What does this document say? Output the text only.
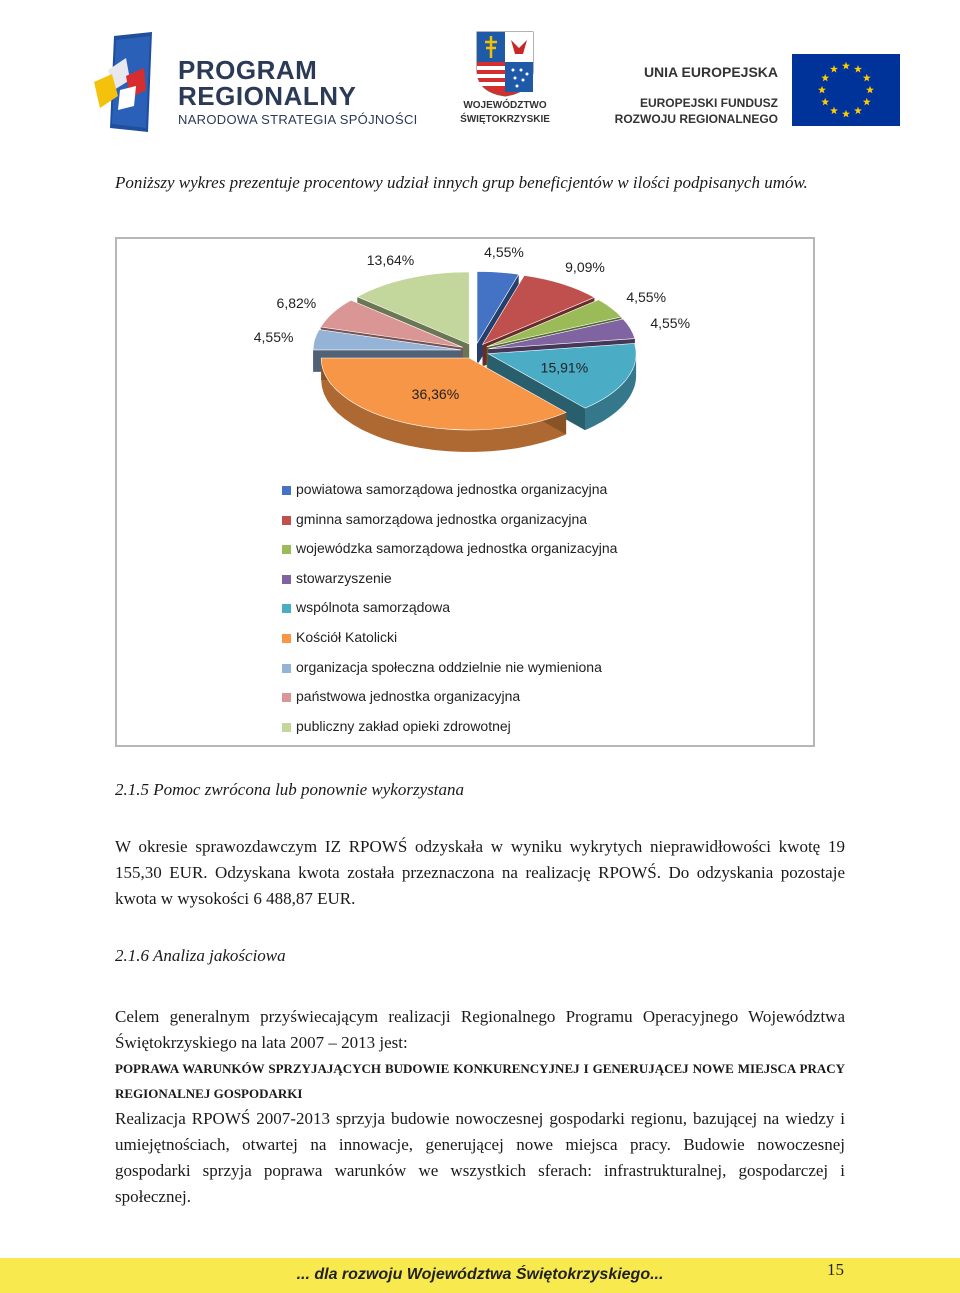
PROGRAM
REGIONALNY
NARODOWA STRATEGIA SPÓJNOŚCI
WOJEWÓDZTWO
ŚWIĘTOKRZYSKIE
UNIA EUROPEJSKA
EUROPEJSKI FUNDUSZ
ROZWOJU REGIONALNEGO
Poniższy wykres prezentuje procentowy udział innych grup beneficjentów w ilości podpisanych umów.
4,55%
9,09%
4,55%
4,55%
15,91%
36,36%
4,55%
6,82%
13,64%
powiatowa samorządowa jednostka organizacyjna
gminna samorządowa jednostka organizacyjna
wojewódzka samorządowa jednostka organizacyjna
stowarzyszenie
wspólnota samorządowa
Kościół Katolicki
organizacja społeczna oddzielnie nie wymieniona
państwowa jednostka organizacyjna
publiczny zakład opieki zdrowotnej
2.1.5 Pomoc zwrócona lub ponownie wykorzystana
W okresie sprawozdawczym IZ RPOWŚ odzyskała w wyniku wykrytych nieprawidłowości kwotę 19 155,30 EUR. Odzyskana kwota została przeznaczona na realizację RPOWŚ. Do odzyskania pozostaje kwota w wysokości 6 488,87 EUR.
2.1.6 Analiza jakościowa
Celem generalnym przyświecającym realizacji Regionalnego Programu Operacyjnego Województwa Świętokrzyskiego na lata 2007 – 2013 jest:
POPRAWA WARUNKÓW SPRZYJAJĄCYCH BUDOWIE KONKURENCYJNEJ I GENERUJĄCEJ NOWE MIEJSCA PRACY REGIONALNEJ GOSPODARKI
Realizacja RPOWŚ 2007-2013 sprzyja budowie nowoczesnej gospodarki regionu, bazującej na wiedzy i umiejętnościach, otwartej na innowacje, generującej nowe miejsca pracy. Budowie nowoczesnej gospodarki sprzyja poprawa warunków we wszystkich sferach: infrastrukturalnej, gospodarczej i społecznej.
... dla rozwoju Województwa Świętokrzyskiego...	15
